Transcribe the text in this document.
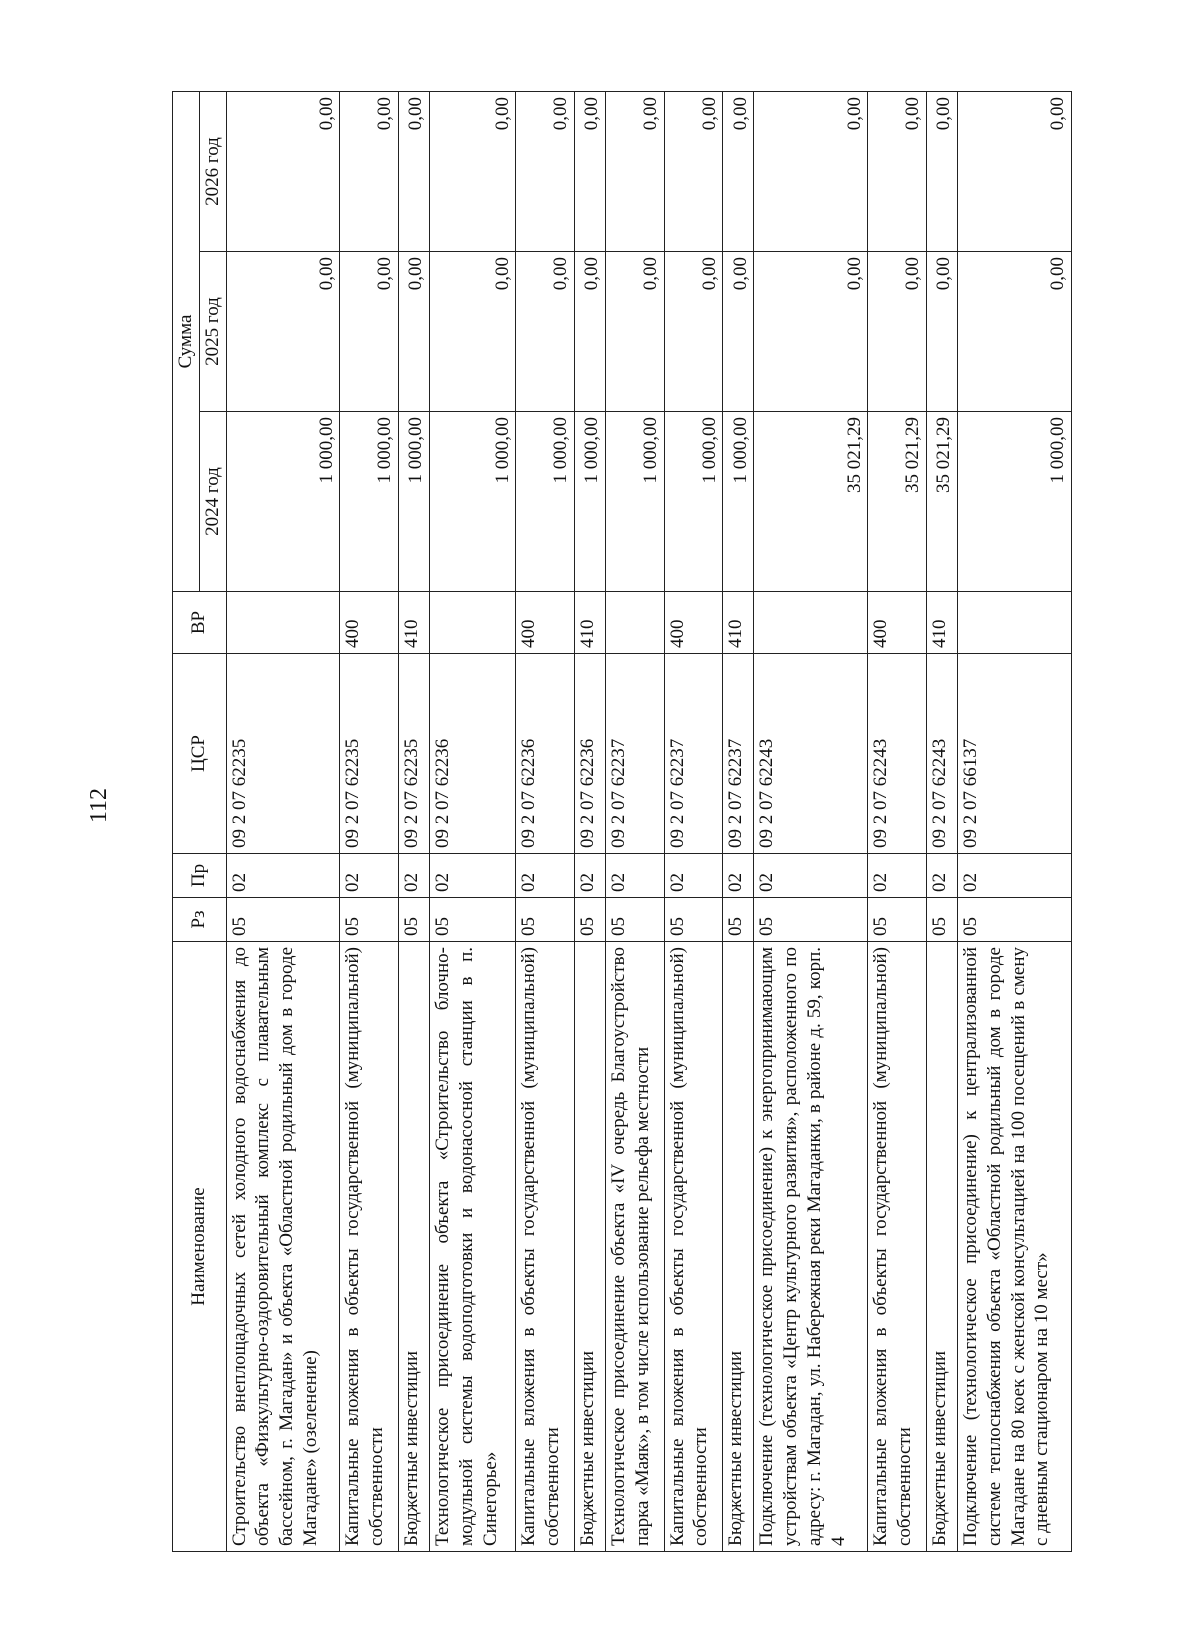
112
Наименование	Рз	Пр	ЦСР	ВР	Сумма		
					2024 год	2025 год	2026 год
Строительство внеплощадочных сетей холодного водоснабжения до объекта «Физкультурно-оздоровительный комплекс с плавательным бассейном, г. Магадан» и объекта «Областной родильный дом в городе Магадане» (озеленение)	05	02	09 2 07 62235		1 000,00	0,00	0,00
Капитальные вложения в объекты государственной (муниципальной) собственности	05	02	09 2 07 62235	400	1 000,00	0,00	0,00
Бюджетные инвестиции	05	02	09 2 07 62235	410	1 000,00	0,00	0,00
Технологическое присоединение объекта «Строительство блочно-модульной системы водоподготовки и водонасосной станции в п. Синегорье»	05	02	09 2 07 62236		1 000,00	0,00	0,00
Капитальные вложения в объекты государственной (муниципальной) собственности	05	02	09 2 07 62236	400	1 000,00	0,00	0,00
Бюджетные инвестиции	05	02	09 2 07 62236	410	1 000,00	0,00	0,00
Технологическое присоединение объекта «IV очередь Благоустройство парка «Маяк», в том числе использование рельефа местности	05	02	09 2 07 62237		1 000,00	0,00	0,00
Капитальные вложения в объекты государственной (муниципальной) собственности	05	02	09 2 07 62237	400	1 000,00	0,00	0,00
Бюджетные инвестиции	05	02	09 2 07 62237	410	1 000,00	0,00	0,00
Подключение (технологическое присоединение) к энергопринимающим устройствам объекта «Центр культурного развития», расположенного по адресу: г. Магадан, ул. Набережная реки Магаданки, в районе д. 59, корп. 4	05	02	09 2 07 62243		35 021,29	0,00	0,00
Капитальные вложения в объекты государственной (муниципальной) собственности	05	02	09 2 07 62243	400	35 021,29	0,00	0,00
Бюджетные инвестиции	05	02	09 2 07 62243	410	35 021,29	0,00	0,00
Подключение (технологическое присоединение) к централизованной системе теплоснабжения объекта «Областной родильный дом в городе Магадане на 80 коек с женской консультацией на 100 посещений в смену с дневным стационаром на 10 мест»	05	02	09 2 07 66137		1 000,00	0,00	0,00
